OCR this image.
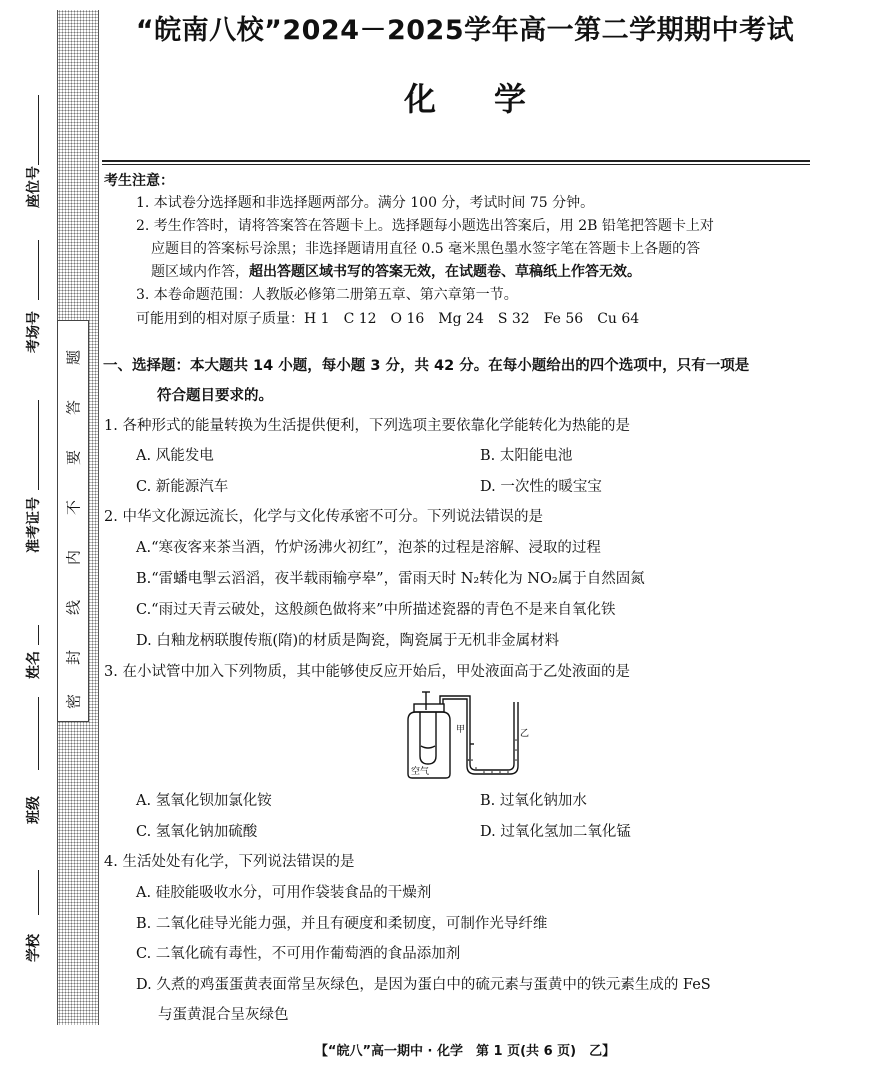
题
答
要
不
内
线
封
密
座位号
考场号
准考证号
姓名
班级
学校
“皖南八校”2024－2025学年高一第二学期期中考试
化学
考生注意：
1. 本试卷分选择题和非选择题两部分。满分 100 分，考试时间 75 分钟。
2. 考生作答时，请将答案答在答题卡上。选择题每小题选出答案后，用 2B 铅笔把答题卡上对
应题目的答案标号涂黑；非选择题请用直径 0.5 毫米黑色墨水签字笔在答题卡上各题的答
题区域内作答，超出答题区域书写的答案无效，在试题卷、草稿纸上作答无效。
3. 本卷命题范围：人教版必修第二册第五章、第六章第一节。
可能用到的相对原子质量：H 1　C 12　O 16　Mg 24　S 32　Fe 56　Cu 64
一、选择题：本大题共 14 小题，每小题 3 分，共 42 分。在每小题给出的四个选项中，只有一项是
符合题目要求的。
1. 各种形式的能量转换为生活提供便利，下列选项主要依靠化学能转化为热能的是
A. 风能发电	B. 太阳能电池
C. 新能源汽车	D. 一次性的暖宝宝
2. 中华文化源远流长，化学与文化传承密不可分。下列说法错误的是
A.“寒夜客来茶当酒，竹炉汤沸火初红”，泡茶的过程是溶解、浸取的过程
B.“雷蟠电掣云滔滔，夜半载雨输亭皋”，雷雨天时 N₂转化为 NO₂属于自然固氮
C.“雨过天青云破处，这般颜色做将来”中所描述瓷器的青色不是来自氧化铁
D. 白釉龙柄联腹传瓶(隋)的材质是陶瓷，陶瓷属于无机非金属材料
3. 在小试管中加入下列物质，其中能够使反应开始后，甲处液面高于乙处液面的是
甲	乙
空气
A. 氢氧化钡加氯化铵	B. 过氧化钠加水
C. 氢氧化钠加硫酸	D. 过氧化氢加二氧化锰
4. 生活处处有化学，下列说法错误的是
A. 硅胶能吸收水分，可用作袋装食品的干燥剂
B. 二氧化硅导光能力强，并且有硬度和柔韧度，可制作光导纤维
C. 二氧化硫有毒性，不可用作葡萄酒的食品添加剂
D. 久煮的鸡蛋蛋黄表面常呈灰绿色，是因为蛋白中的硫元素与蛋黄中的铁元素生成的 FeS
与蛋黄混合呈灰绿色
【“皖八”高一期中 · 化学　第 1 页(共 6 页)　乙】
